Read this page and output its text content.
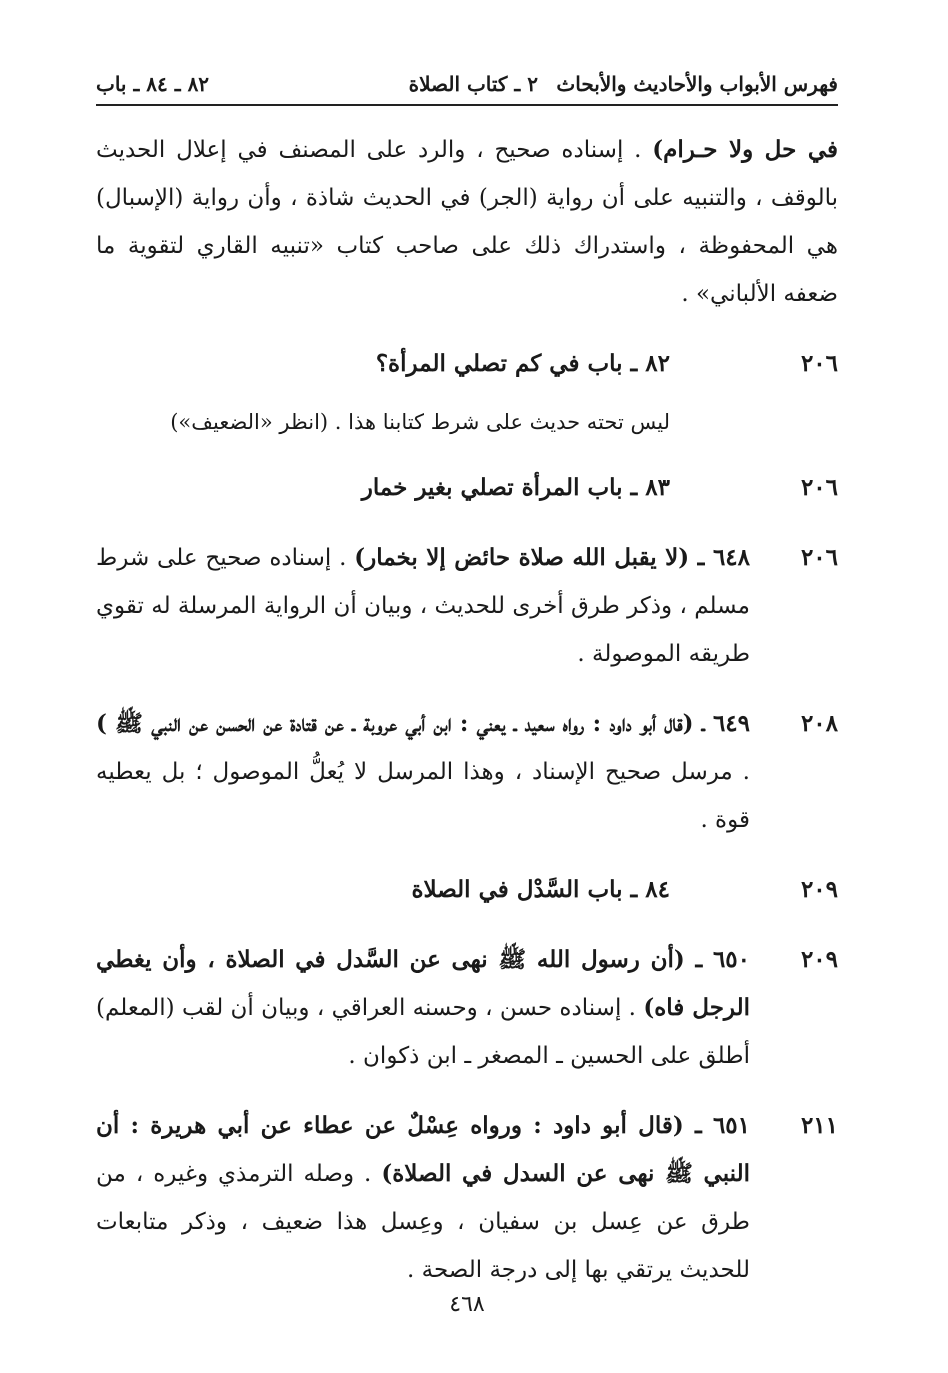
فهرس الأبواب والأحاديث والأبحاث
٢ ـ كتاب الصلاة
٨٢ ـ ٨٤ ـ باب

في حل ولا حـرام) . إسناده صحيح ، والرد على المصنف في إعلال الحديث بالوقف ، والتنبيه على أن رواية (الجر) في الحديث شاذة ، وأن رواية (الإسبال) هي المحفوظة ، واستدراك ذلك على صاحب كتاب «تنبيه القاري لتقوية ما ضعفه الألباني» .

٢٠٦
٨٢ ـ باب في كم تصلي المرأة؟
ليس تحته حديث على شرط كتابنا هذا . (انظر «الضعيف»)
٢٠٦
٨٣ ـ باب المرأة تصلي بغير خمار
٢٠٦

٦٤٨ ـ (لا يقبل الله صلاة حائض إلا بخمار) . إسناده صحيح على شرط مسلم ، وذكر طرق أخرى للحديث ، وبيان أن الرواية المرسلة له تقوي طريقه الموصولة .

٢٠٨

٦٤٩ ـ (قال أبو داود : رواه سعيد ـ يعني : ابن أبي عروبة ـ عن قتادة عن الحسن عن النبي ﷺ ) . مرسل صحيح الإسناد ، وهذا المرسل لا يُعلُّ الموصول ؛ بل يعطيه قوة .

٢٠٩
٨٤ ـ باب السَّدْل في الصلاة
٢٠٩

٦٥٠ ـ (أن رسول الله ﷺ نهى عن السَّدل في الصلاة ، وأن يغطي الرجل فاه) . إسناده حسن ، وحسنه العراقي ، وبيان أن لقب (المعلم) أطلق على الحسين ـ المصغر ـ ابن ذكوان .

٢١١

٦٥١ ـ (قال أبو داود : ورواه عِسْلٌ عن عطاء عن أبي هريرة : أن النبي ﷺ نهى عن السدل في الصلاة) . وصله الترمذي وغيره ، من طرق عن عِسل بن سفيان ، وعِسل هذا ضعيف ، وذكر متابعات للحديث يرتقي بها إلى درجة الصحة .

٤٦٨
